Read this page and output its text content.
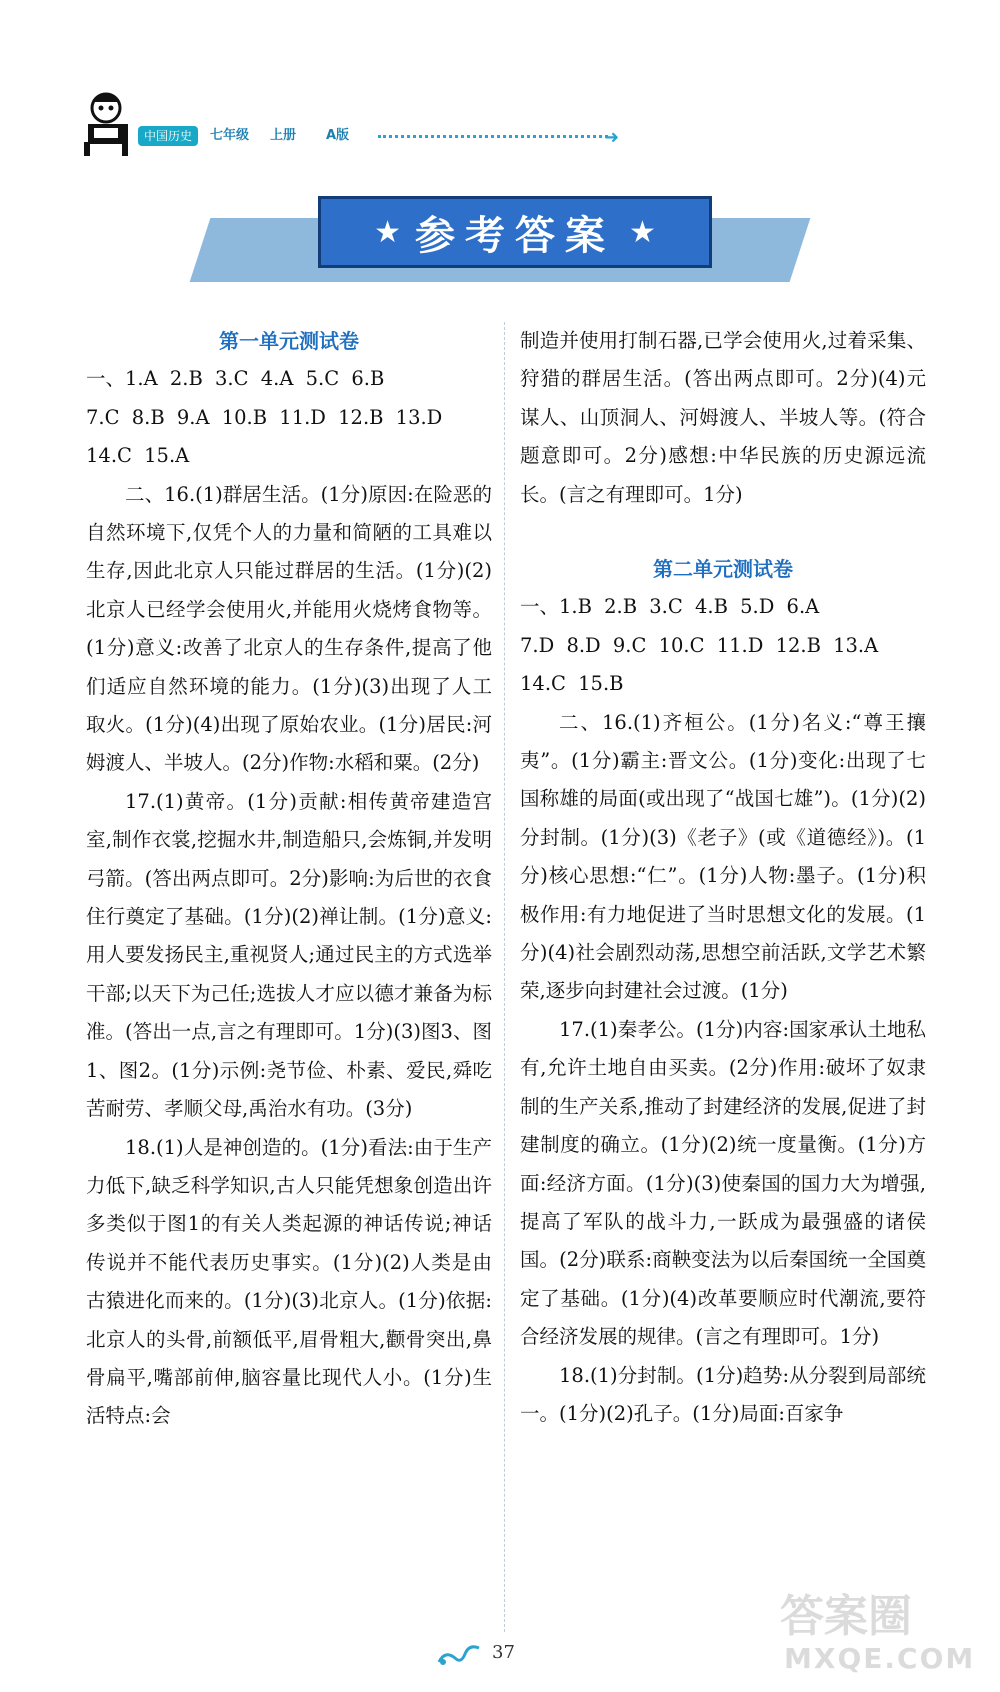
中国历史	七年级 上册 A版	➜
★ 参考答案 ★

第一单元测试卷

一、1.A 2.B 3.C 4.A 5.C 6.B

7.C 8.B 9.A 10.B 11.D 12.B 13.D

14.C 15.A

二、16.(1)群居生活。(1分)原因:在险恶的自然环境下,仅凭个人的力量和简陋的工具难以生存,因此北京人只能过群居的生活。(1分)(2)北京人已经学会使用火,并能用火烧烤食物等。(1分)意义:改善了北京人的生存条件,提高了他们适应自然环境的能力。(1分)(3)出现了人工取火。(1分)(4)出现了原始农业。(1分)居民:河姆渡人、半坡人。(2分)作物:水稻和粟。(2分)

17.(1)黄帝。(1分)贡献:相传黄帝建造宫室,制作衣裳,挖掘水井,制造船只,会炼铜,并发明弓箭。(答出两点即可。2分)影响:为后世的衣食住行奠定了基础。(1分)(2)禅让制。(1分)意义:用人要发扬民主,重视贤人;通过民主的方式选举干部;以天下为己任;选拔人才应以德才兼备为标准。(答出一点,言之有理即可。1分)(3)图3、图1、图2。(1分)示例:尧节俭、朴素、爱民,舜吃苦耐劳、孝顺父母,禹治水有功。(3分)

18.(1)人是神创造的。(1分)看法:由于生产力低下,缺乏科学知识,古人只能凭想象创造出许多类似于图1的有关人类起源的神话传说;神话传说并不能代表历史事实。(1分)(2)人类是由古猿进化而来的。(1分)(3)北京人。(1分)依据:北京人的头骨,前额低平,眉骨粗大,颧骨突出,鼻骨扁平,嘴部前伸,脑容量比现代人小。(1分)生活特点:会

制造并使用打制石器,已学会使用火,过着采集、狩猎的群居生活。(答出两点即可。2分)(4)元谋人、山顶洞人、河姆渡人、半坡人等。(符合题意即可。2分)感想:中华民族的历史源远流长。(言之有理即可。1分)

第二单元测试卷

一、1.B 2.B 3.C 4.B 5.D 6.A

7.D 8.D 9.C 10.C 11.D 12.B 13.A

14.C 15.B

二、16.(1)齐桓公。(1分)名义:“尊王攘夷”。(1分)霸主:晋文公。(1分)变化:出现了七国称雄的局面(或出现了“战国七雄”)。(1分)(2)分封制。(1分)(3)《老子》(或《道德经》)。(1分)核心思想:“仁”。(1分)人物:墨子。(1分)积极作用:有力地促进了当时思想文化的发展。(1分)(4)社会剧烈动荡,思想空前活跃,文学艺术繁荣,逐步向封建社会过渡。(1分)

17.(1)秦孝公。(1分)内容:国家承认土地私有,允许土地自由买卖。(2分)作用:破坏了奴隶制的生产关系,推动了封建经济的发展,促进了封建制度的确立。(1分)(2)统一度量衡。(1分)方面:经济方面。(1分)(3)使秦国的国力大为增强,提高了军队的战斗力,一跃成为最强盛的诸侯国。(2分)联系:商鞅变法为以后秦国统一全国奠定了基础。(1分)(4)改革要顺应时代潮流,要符合经济发展的规律。(言之有理即可。1分)

18.(1)分封制。(1分)趋势:从分裂到局部统一。(1分)(2)孔子。(1分)局面:百家争

37
答案圈
MXQE.COM
